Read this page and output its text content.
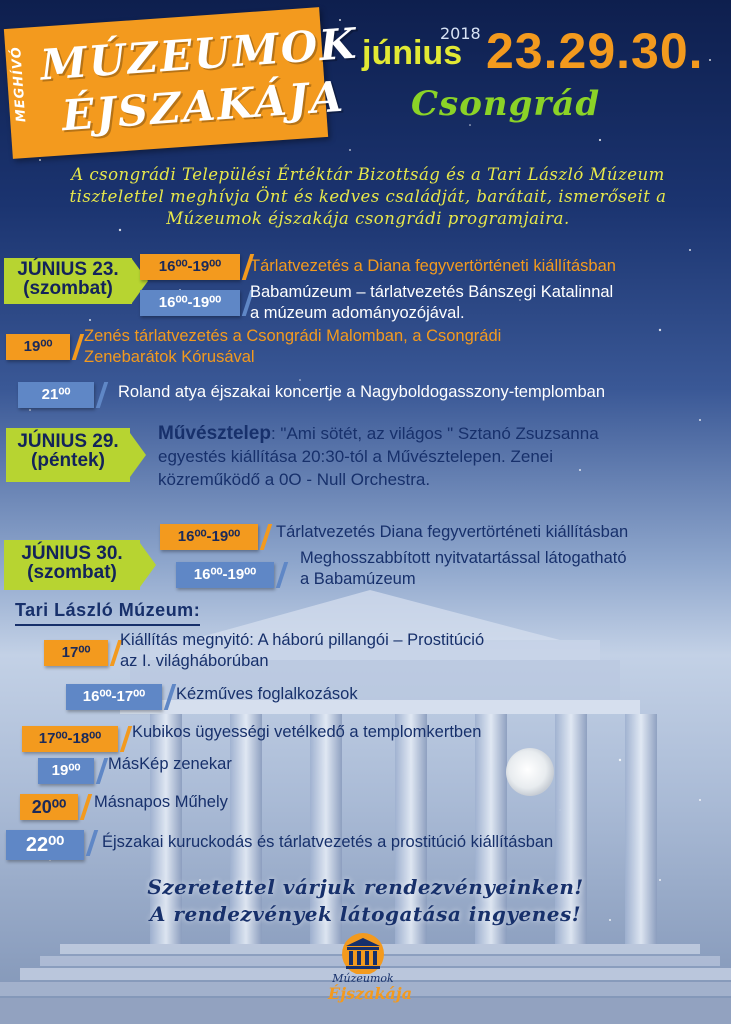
MEGHÍVÓ MÚZEUMOK
ÉJSZAKÁJA
2018
június 23.29.30.
Csongrád
A csongrádi Települési Értéktár Bizottság és a Tari László Múzeum tisztelettel meghívja Önt és kedves családját, barátait, ismerőseit a Múzeumok éjszakája csongrádi programjaira.
JÚNIUS 23.
(szombat)
16⁰⁰-19⁰⁰	Tárlatvezetés a Diana fegyvertörténeti kiállításban
16⁰⁰-19⁰⁰
Babamúzeum – tárlatvezetés Bánszegi Katalinnal
a múzeum adományozójával.
19⁰⁰
Zenés tárlatvezetés a Csongrádi Malomban, a Csongrádi
Zenebarátok Kórusával
21⁰⁰	Roland atya éjszakai koncertje a Nagyboldogasszony-templomban
JÚNIUS 29.
(péntek)
Művésztelep: "Ami sötét, az világos " Sztanó Zsuzsanna
egyestés kiállítása 20:30-tól a Művésztelepen. Zenei
közreműködő a 0O - Null Orchestra.
JÚNIUS 30.
(szombat)
16⁰⁰-19⁰⁰	Tárlatvezetés Diana fegyvertörténeti kiállításban
16⁰⁰-19⁰⁰
Meghosszabbított nyitvatartással látogatható
a Babamúzeum
Tari László Múzeum:
17⁰⁰
Kiállítás megnyitó: A háború pillangói – Prostitúció
az I. világháborúban
16⁰⁰-17⁰⁰	Kézműves foglalkozások
17⁰⁰-18⁰⁰	Kubikos ügyességi vetélkedő a templomkertben
19⁰⁰	MásKép zenekar
20⁰⁰	Másnapos Műhely
22⁰⁰	Éjszakai kuruckodás és tárlatvezetés a prostitúció kiállításban
Szeretettel várjuk rendezvényeinken!
A rendezvények látogatása ingyenes!
Múzeumok
Éjszakája
